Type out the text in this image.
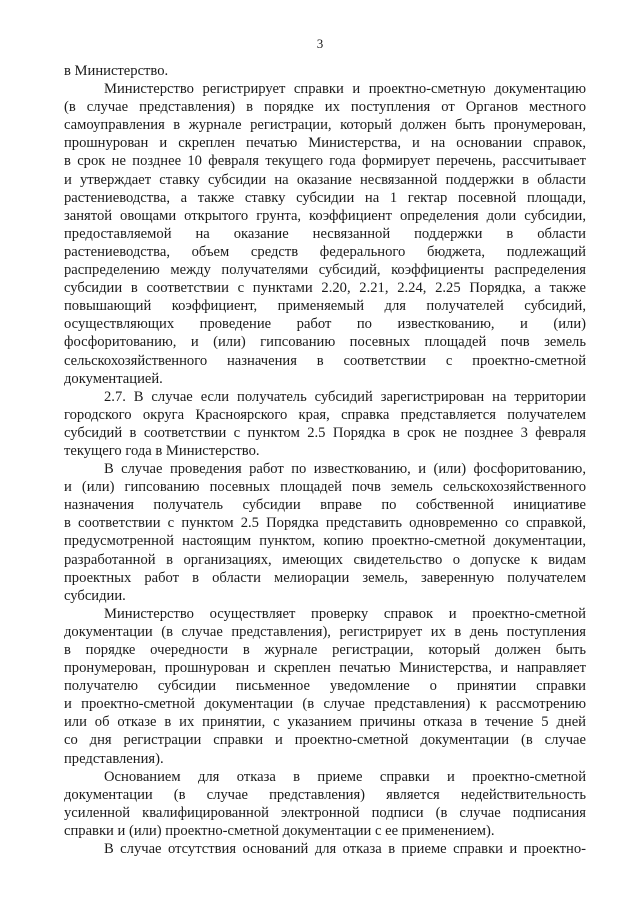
3
в Министерство.
Министерство регистрирует справки и проектно-сметную документацию
(в случае представления) в порядке их поступления от Органов местного
самоуправления в журнале регистрации, который должен быть пронумерован,
прошнурован и скреплен печатью Министерства, и на основании справок,
в срок не позднее 10 февраля текущего года формирует перечень, рассчитывает
и утверждает ставку субсидии на оказание несвязанной поддержки в области
растениеводства, а также ставку субсидии на 1 гектар посевной площади,
занятой овощами открытого грунта, коэффициент определения доли субсидии,
предоставляемой на оказание несвязанной поддержки в области
растениеводства, объем средств федерального бюджета, подлежащий
распределению между получателями субсидий, коэффициенты распределения
субсидии в соответствии с пунктами 2.20, 2.21, 2.24, 2.25 Порядка, а также
повышающий коэффициент, применяемый для получателей субсидий,
осуществляющих проведение работ по известкованию, и (или)
фосфоритованию, и (или) гипсованию посевных площадей почв земель
сельскохозяйственного назначения в соответствии с проектно-сметной
документацией.
2.7. В случае если получатель субсидий зарегистрирован на территории
городского округа Красноярского края, справка представляется получателем
субсидий в соответствии с пунктом 2.5 Порядка в срок не позднее 3 февраля
текущего года в Министерство.
В случае проведения работ по известкованию, и (или) фосфоритованию,
и (или) гипсованию посевных площадей почв земель сельскохозяйственного
назначения получатель субсидии вправе по собственной инициативе
в соответствии с пунктом 2.5 Порядка представить одновременно со справкой,
предусмотренной настоящим пунктом, копию проектно-сметной документации,
разработанной в организациях, имеющих свидетельство о допуске к видам
проектных работ в области мелиорации земель, заверенную получателем
субсидии.
Министерство осуществляет проверку справок и проектно-сметной
документации (в случае представления), регистрирует их в день поступления
в порядке очередности в журнале регистрации, который должен быть
пронумерован, прошнурован и скреплен печатью Министерства, и направляет
получателю субсидии письменное уведомление о принятии справки
и проектно-сметной документации (в случае представления) к рассмотрению
или об отказе в их принятии, с указанием причины отказа в течение 5 дней
со дня регистрации справки и проектно-сметной документации (в случае
представления).
Основанием для отказа в приеме справки и проектно-сметной
документации (в случае представления) является недействительность
усиленной квалифицированной электронной подписи (в случае подписания
справки и (или) проектно-сметной документации с ее применением).
В случае отсутствия оснований для отказа в приеме справки и проектно-
